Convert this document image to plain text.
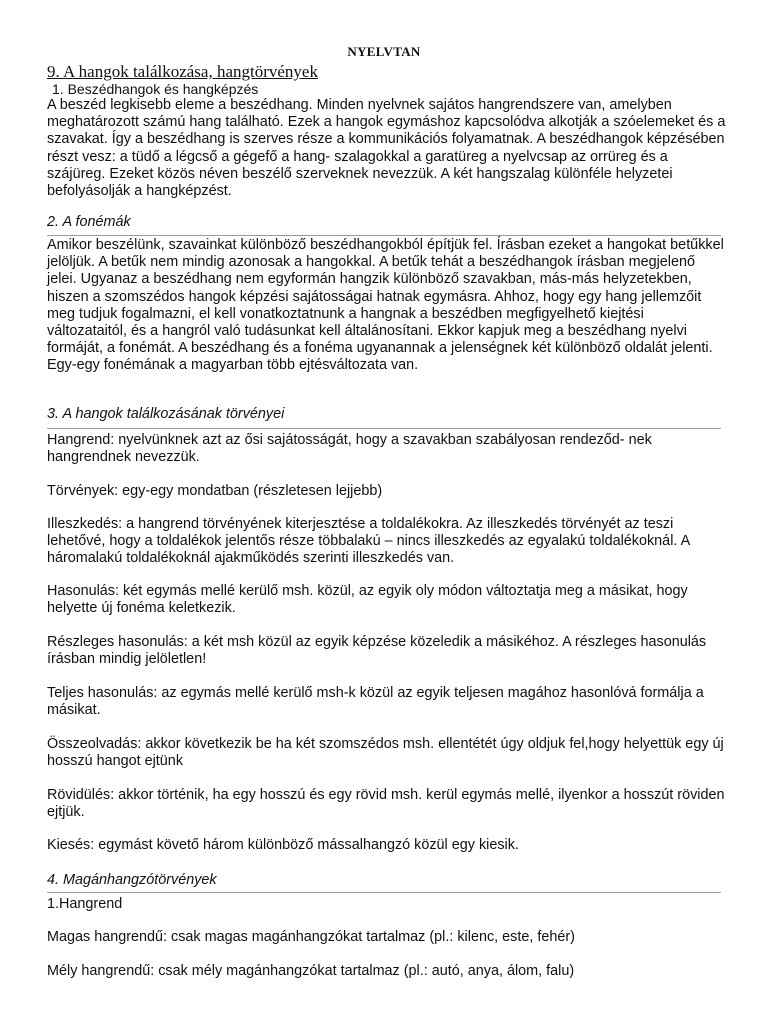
NYELVTAN
9. A hangok találkozása, hangtörvények
1. Beszédhangok és hangképzés

A beszéd legkisebb eleme a beszédhang. Minden nyelvnek sajátos hangrendszere van, amelyben meghatározott számú hang található. Ezek a hangok egymáshoz kapcsolódva alkotják a szóelemeket és a szavakat. Így a beszédhang is szerves része a kommunikációs folyamatnak. A beszédhangok képzésében részt vesz: a tüdő a légcső a gégefő a hang- szalagokkal a garatüreg a nyelvcsap az orrüreg és a szájüreg. Ezeket közös néven beszélő szerveknek nevezzük. A két hangszalag különféle helyzetei befolyásolják a hangképzést.

2. A fonémák

Amikor beszélünk, szavainkat különböző beszédhangokból építjük fel. Írásban ezeket a hangokat betűkkel jelöljük. A betűk nem mindig azonosak a hangokkal. A betűk tehát a beszédhangok írásban megjelenő jelei. Ugyanaz a beszédhang nem egyformán hangzik különböző szavakban, más-más helyzetekben, hiszen a szomszédos hangok képzési sajátosságai hatnak egymásra. Ahhoz, hogy egy hang jellemzőit meg tudjuk fogalmazni, el kell vonatkoztatnunk a hangnak a beszédben megfigyelhető kiejtési változataitól, és a hangról való tudásunkat kell általánosítani. Ekkor kapjuk meg a beszédhang nyelvi formáját, a fonémát. A beszédhang és a fonéma ugyanannak a jelenségnek két különböző oldalát jelenti. Egy-egy fonémának a magyarban több ejtésváltozata van.

3. A hangok találkozásának törvényei

Hangrend: nyelvünknek azt az ősi sajátosságát, hogy a szavakban szabályosan rendeződ- nek hangrendnek nevezzük.

Törvények: egy-egy mondatban (részletesen lejjebb)

Illeszkedés: a hangrend törvényének kiterjesztése a toldalékokra. Az illeszkedés törvényét az teszi lehetővé, hogy a toldalékok jelentős része többalakú – nincs illeszkedés az egyalakú toldalékoknál. A háromalakú toldalékoknál ajakműködés szerinti illeszkedés van.

Hasonulás: két egymás mellé kerülő msh. közül, az egyik oly módon változtatja meg a másikat, hogy helyette új fonéma keletkezik.

Részleges hasonulás: a két msh közül az egyik képzése közeledik a másikéhoz. A részleges hasonulás írásban mindig jelöletlen!

Teljes hasonulás: az egymás mellé kerülő msh-k közül az egyik teljesen magához hasonlóvá formálja a másikat.

Összeolvadás: akkor következik be ha két szomszédos msh. ellentétét úgy oldjuk fel,hogy helyettük egy új hosszú hangot ejtünk

Rövidülés: akkor történik, ha egy hosszú és egy rövid msh. kerül egymás mellé, ilyenkor a hosszút röviden ejtjük.

Kiesés: egymást követő három különböző mássalhangzó közül egy kiesik.

4. Magánhangzótörvények

1.Hangrend

Magas hangrendű: csak magas magánhangzókat tartalmaz (pl.: kilenc, este, fehér)

Mély hangrendű: csak mély magánhangzókat tartalmaz (pl.: autó, anya, álom, falu)
